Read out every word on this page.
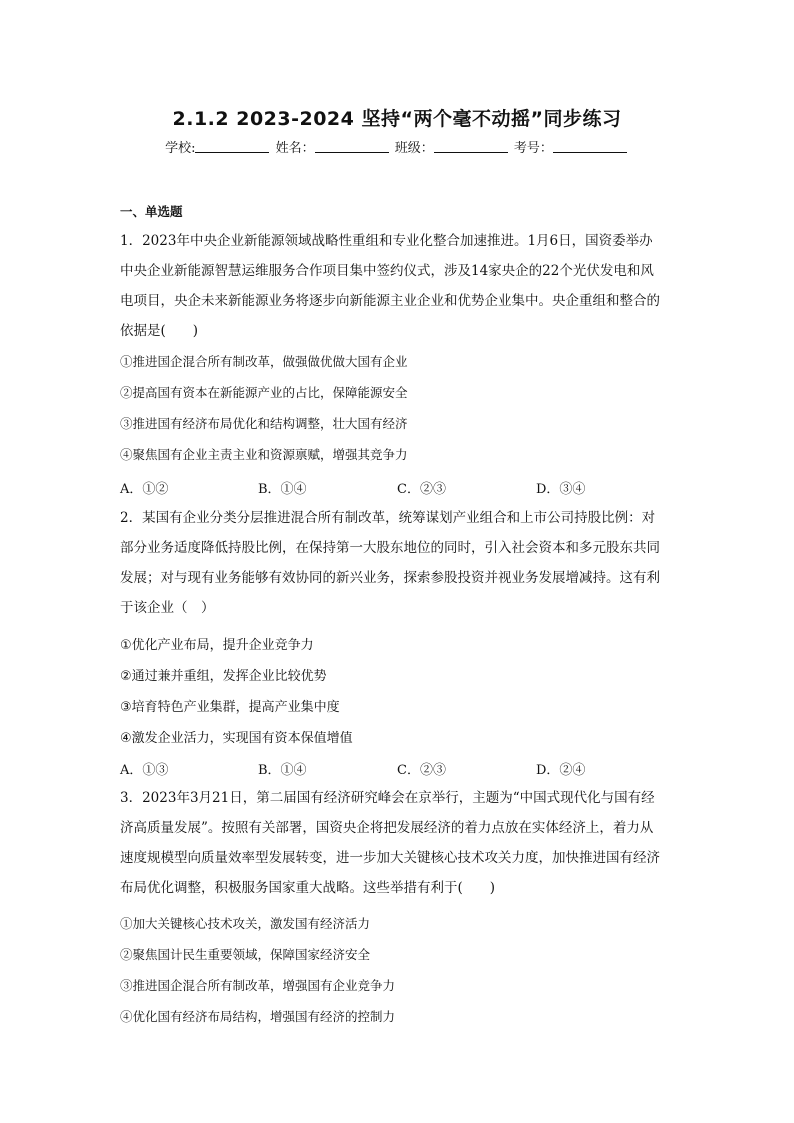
2.1.2 2023-2024 坚持“两个毫不动摇”同步练习
学校:	姓名：	班级：	考号：
一、单选题
1．2023年中央企业新能源领域战略性重组和专业化整合加速推进。1月6日，国资委举办
中央企业新能源智慧运维服务合作项目集中签约仪式，涉及14家央企的22个光伏发电和风
电项目，央企未来新能源业务将逐步向新能源主业企业和优势企业集中。央企重组和整合的
依据是(　　)
①推进国企混合所有制改革，做强做优做大国有企业
②提高国有资本在新能源产业的占比，保障能源安全
③推进国有经济布局优化和结构调整，壮大国有经济
④聚焦国有企业主责主业和资源禀赋，增强其竞争力
A．①②	B．①④	C．②③	D．③④
2．某国有企业分类分层推进混合所有制改革，统筹谋划产业组合和上市公司持股比例：对
部分业务适度降低持股比例，在保持第一大股东地位的同时，引入社会资本和多元股东共同
发展；对与现有业务能够有效协同的新兴业务，探索参股投资并视业务发展增减持。这有利
于该企业（　）
①优化产业布局，提升企业竞争力
②通过兼并重组，发挥企业比较优势
③培育特色产业集群，提高产业集中度
④激发企业活力，实现国有资本保值增值
A．①③	B．①④	C．②③	D．②④
3．2023年3月21日，第二届国有经济研究峰会在京举行，主题为“中国式现代化与国有经
济高质量发展”。按照有关部署，国资央企将把发展经济的着力点放在实体经济上，着力从
速度规模型向质量效率型发展转变，进一步加大关键核心技术攻关力度，加快推进国有经济
布局优化调整，积极服务国家重大战略。这些举措有利于(　　)
①加大关键核心技术攻关，激发国有经济活力
②聚焦国计民生重要领域，保障国家经济安全
③推进国企混合所有制改革，增强国有企业竞争力
④优化国有经济布局结构，增强国有经济的控制力
